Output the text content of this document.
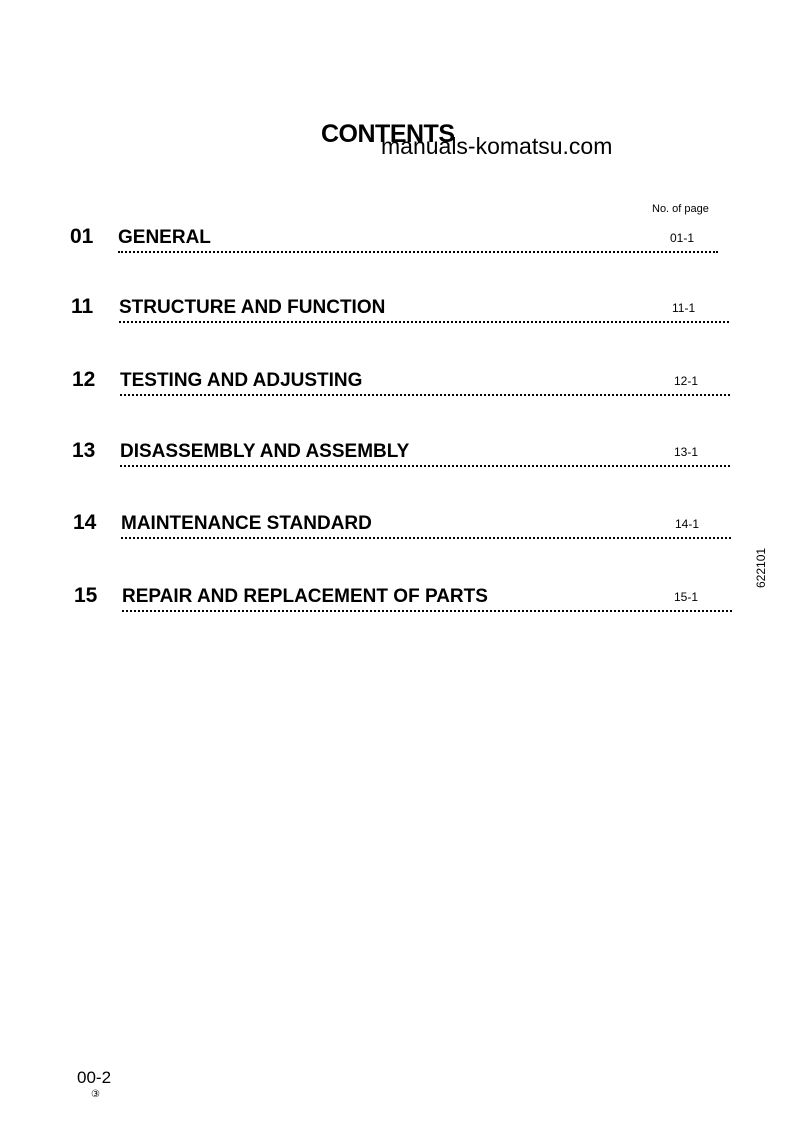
CONTENTS
manuals-komatsu.com
No. of page
01 GENERAL	01-1
11 STRUCTURE AND FUNCTION	11-1
12 TESTING AND ADJUSTING	12-1
13 DISASSEMBLY AND ASSEMBLY	13-1
14 MAINTENANCE STANDARD	14-1
15 REPAIR AND REPLACEMENT OF PARTS	15-1
622101
00-2
③
